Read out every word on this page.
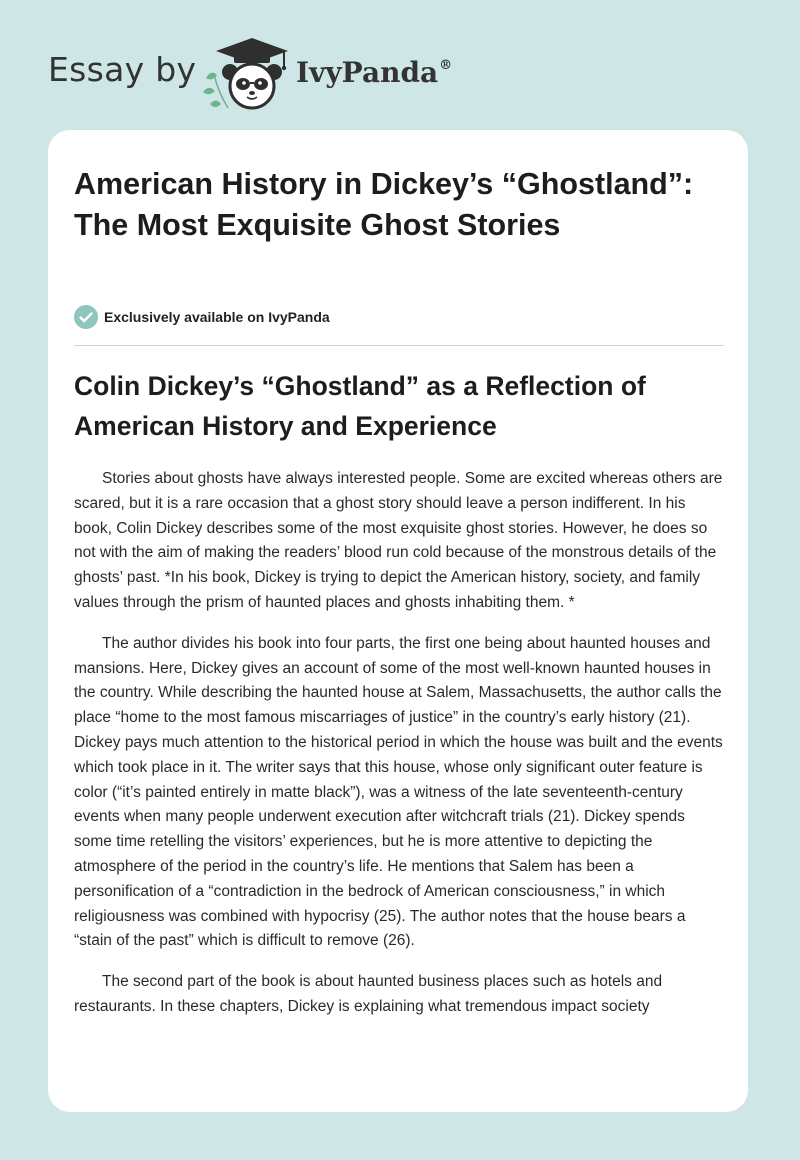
Essay by	IvyPanda®
American History in Dickey’s “Ghostland”: The Most Exquisite Ghost Stories
Exclusively available on IvyPanda
Colin Dickey’s “Ghostland” as a Reflection of American History and Experience

Stories about ghosts have always interested people. Some are excited whereas others are scared, but it is a rare occasion that a ghost story should leave a person indifferent. In his book, Colin Dickey describes some of the most exquisite ghost stories. However, he does so not with the aim of making the readers’ blood run cold because of the monstrous details of the ghosts’ past. *In his book, Dickey is trying to depict the American history, society, and family values through the prism of haunted places and ghosts inhabiting them. *

The author divides his book into four parts, the first one being about haunted houses and mansions. Here, Dickey gives an account of some of the most well-known haunted houses in the country. While describing the haunted house at Salem, Massachusetts, the author calls the place “home to the most famous miscarriages of justice” in the country’s early history (21). Dickey pays much attention to the historical period in which the house was built and the events which took place in it. The writer says that this house, whose only significant outer feature is color (“it’s painted entirely in matte black”), was a witness of the late seventeenth-century events when many people underwent execution after witchcraft trials (21). Dickey spends some time retelling the visitors’ experiences, but he is more attentive to depicting the atmosphere of the period in the country’s life. He mentions that Salem has been a personification of a “contradiction in the bedrock of American consciousness,” in which religiousness was combined with hypocrisy (25). The author notes that the house bears a “stain of the past” which is difficult to remove (26).

The second part of the book is about haunted business places such as hotels and restaurants. In these chapters, Dickey is explaining what tremendous impact society
